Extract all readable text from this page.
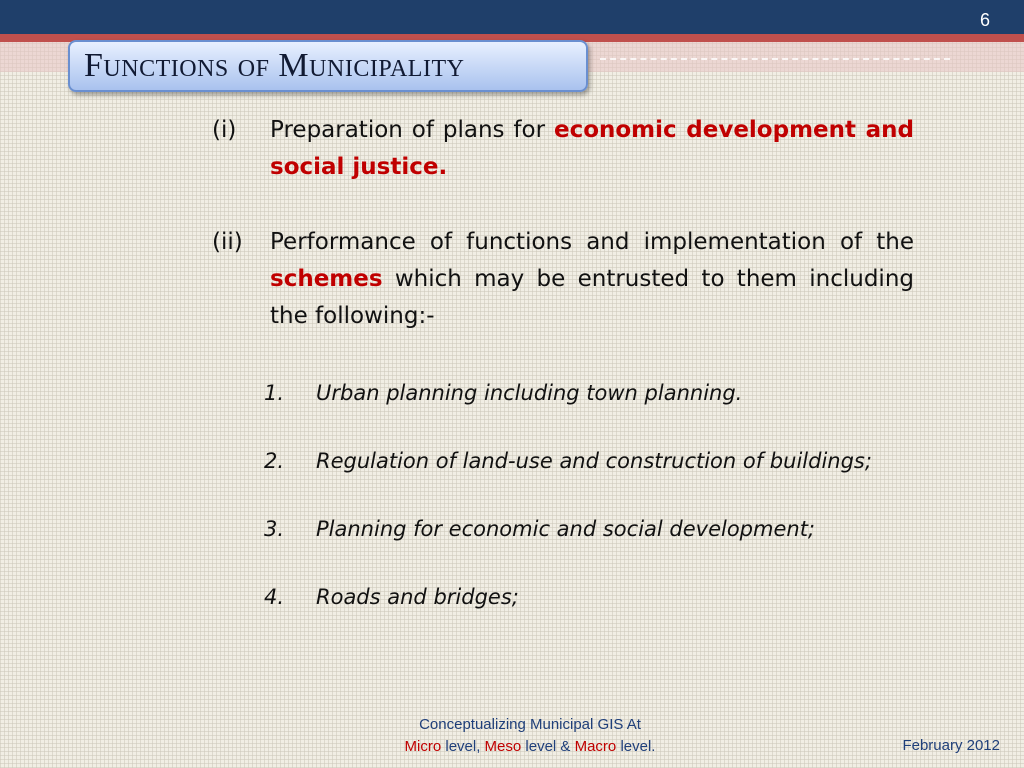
6
Functions of Municipality
(i)	Preparation of plans for economic development and social justice.
(ii)	Performance of functions and implementation of the schemes which may be entrusted to them including the following:-
1.	Urban planning including town planning.
2.	Regulation of land-use and construction of buildings;
3.	Planning for economic and social development;
4.	Roads and bridges;
Conceptualizing Municipal GIS At
Micro level, Meso level & Macro level.	February 2012
